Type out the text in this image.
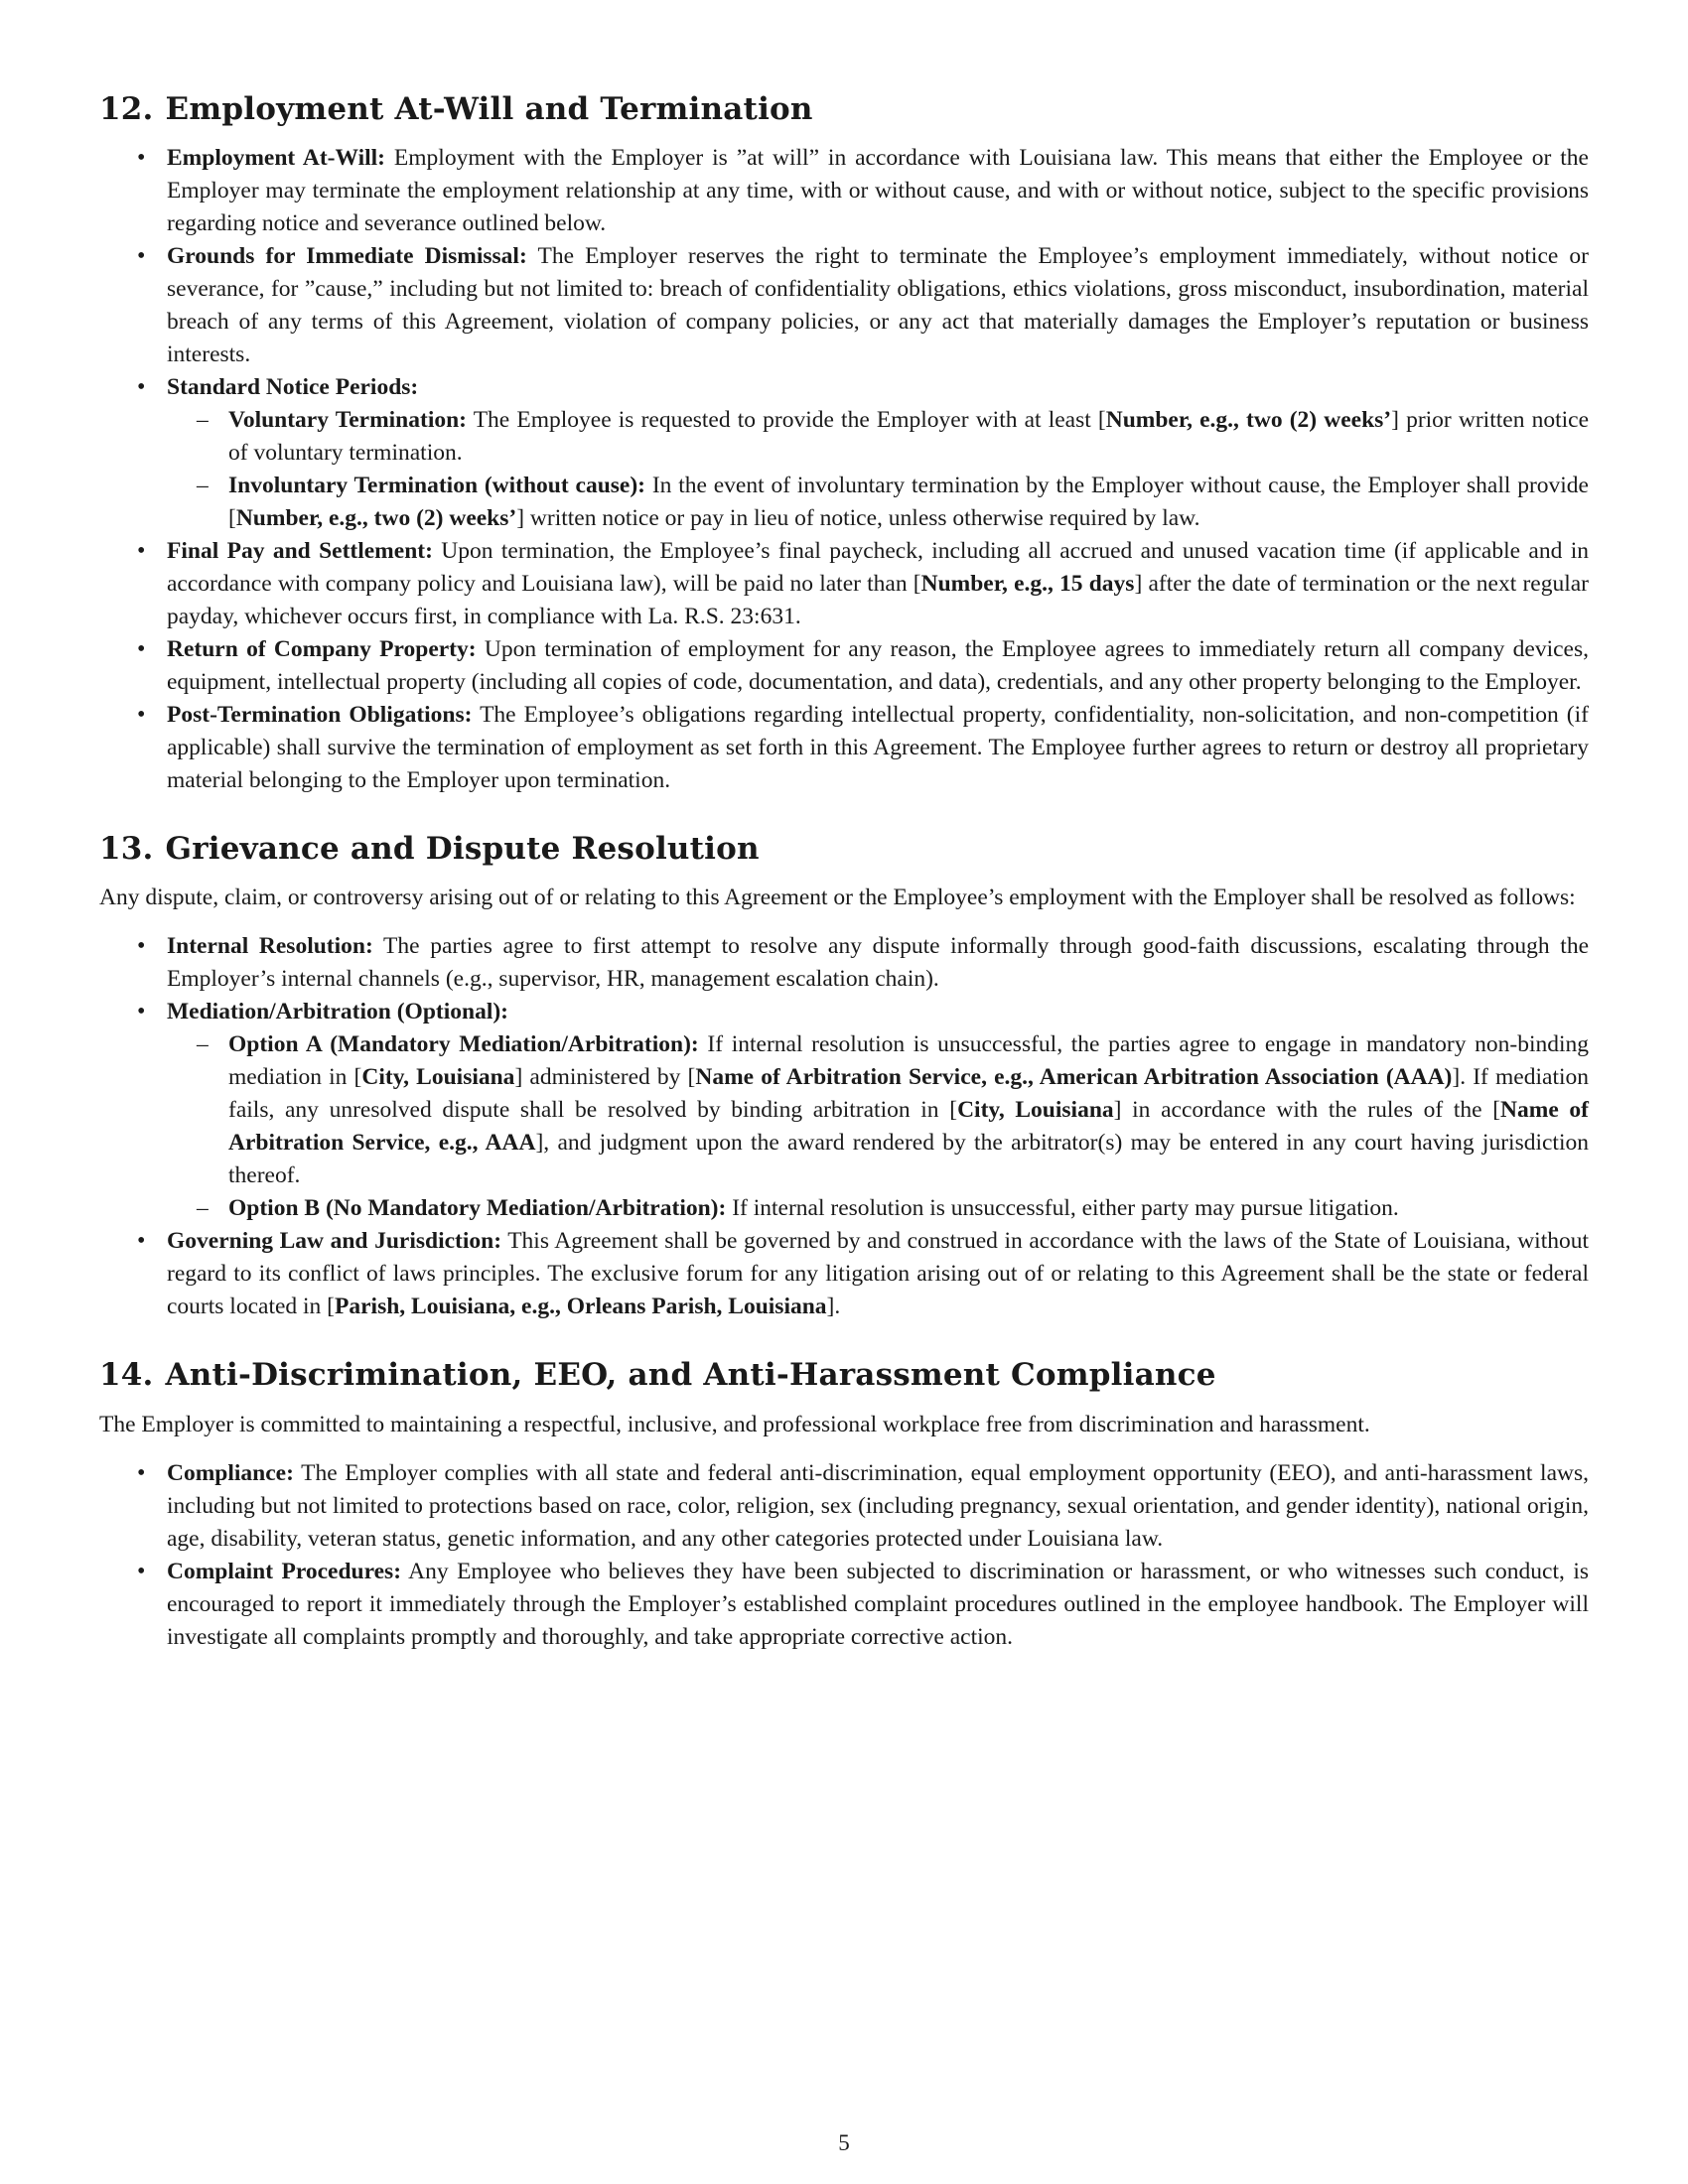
12. Employment At-Will and Termination
• Employment At-Will: Employment with the Employer is ”at will” in accordance with Louisiana law. This means that either the Employee or the Employer may terminate the employment relationship at any time, with or without cause, and with or without notice, subject to the specific provisions regarding notice and severance outlined below.
• Grounds for Immediate Dismissal: The Employer reserves the right to terminate the Employee’s employment immediately, without notice or severance, for ”cause,” including but not limited to: breach of confidentiality obligations, ethics violations, gross misconduct, insubordination, material breach of any terms of this Agreement, violation of company policies, or any act that materially damages the Employer’s reputation or business interests.
• Standard Notice Periods:
– Voluntary Termination: The Employee is requested to provide the Employer with at least [Number, e.g., two (2) weeks’] prior written notice of voluntary termination.
– Involuntary Termination (without cause): In the event of involuntary termination by the Employer without cause, the Employer shall provide [Number, e.g., two (2) weeks’] written notice or pay in lieu of notice, unless otherwise required by law.
• Final Pay and Settlement: Upon termination, the Employee’s final paycheck, including all accrued and unused vacation time (if applicable and in accordance with company policy and Louisiana law), will be paid no later than [Number, e.g., 15 days] after the date of termination or the next regular payday, whichever occurs first, in compliance with La. R.S. 23:631.
• Return of Company Property: Upon termination of employment for any reason, the Employee agrees to immediately return all company devices, equipment, intellectual property (including all copies of code, documentation, and data), credentials, and any other property belonging to the Employer.
• Post-Termination Obligations: The Employee’s obligations regarding intellectual property, confidentiality, non-solicitation, and non-competition (if applicable) shall survive the termination of employment as set forth in this Agreement. The Employee further agrees to return or destroy all proprietary material belonging to the Employer upon termination.
13. Grievance and Dispute Resolution

Any dispute, claim, or controversy arising out of or relating to this Agreement or the Employee’s employment with the Employer shall be resolved as follows:

• Internal Resolution: The parties agree to first attempt to resolve any dispute informally through good-faith discussions, escalating through the Employer’s internal channels (e.g., supervisor, HR, management escalation chain).
• Mediation/Arbitration (Optional):
– Option A (Mandatory Mediation/Arbitration): If internal resolution is unsuccessful, the parties agree to engage in mandatory non-binding mediation in [City, Louisiana] administered by [Name of Arbitration Service, e.g., American Arbitration Association (AAA)]. If mediation fails, any unresolved dispute shall be resolved by binding arbitration in [City, Louisiana] in accordance with the rules of the [Name of Arbitration Service, e.g., AAA], and judgment upon the award rendered by the arbitrator(s) may be entered in any court having jurisdiction thereof.
– Option B (No Mandatory Mediation/Arbitration): If internal resolution is unsuccessful, either party may pursue litigation.
• Governing Law and Jurisdiction: This Agreement shall be governed by and construed in accordance with the laws of the State of Louisiana, without regard to its conflict of laws principles. The exclusive forum for any litigation arising out of or relating to this Agreement shall be the state or federal courts located in [Parish, Louisiana, e.g., Orleans Parish, Louisiana].
14. Anti-Discrimination, EEO, and Anti-Harassment Compliance

The Employer is committed to maintaining a respectful, inclusive, and professional workplace free from discrimination and harassment.

• Compliance: The Employer complies with all state and federal anti-discrimination, equal employment opportunity (EEO), and anti-harassment laws, including but not limited to protections based on race, color, religion, sex (including pregnancy, sexual orientation, and gender identity), national origin, age, disability, veteran status, genetic information, and any other categories protected under Louisiana law.
• Complaint Procedures: Any Employee who believes they have been subjected to discrimination or harassment, or who witnesses such conduct, is encouraged to report it immediately through the Employer’s established complaint procedures outlined in the employee handbook. The Employer will investigate all complaints promptly and thoroughly, and take appropriate corrective action.
5
